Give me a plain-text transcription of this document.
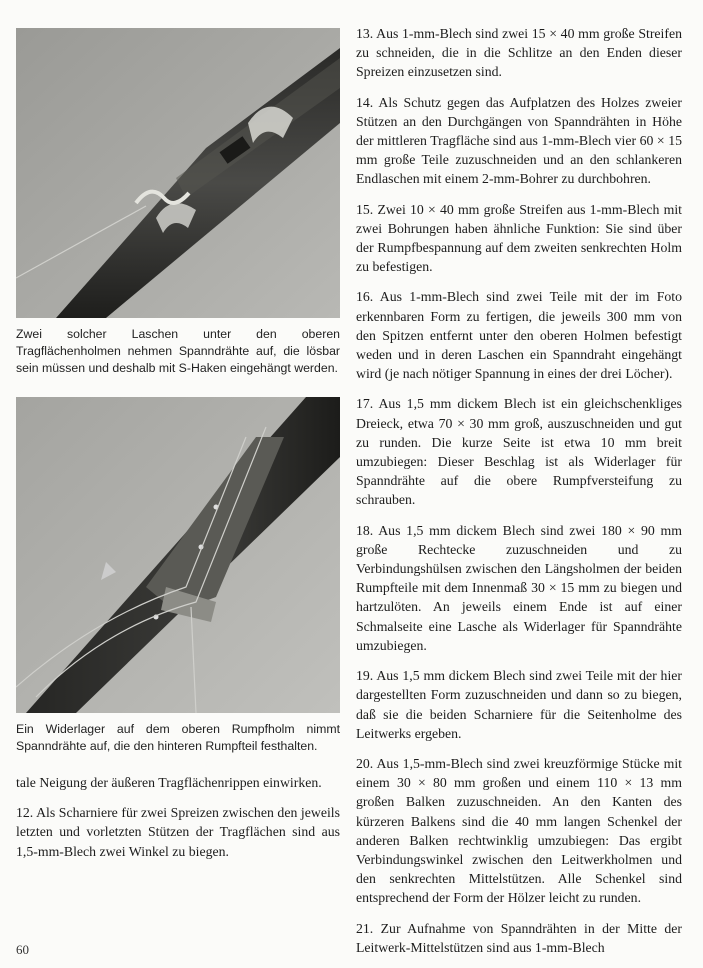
Zwei solcher Laschen unter den oberen Tragflächenholmen nehmen Spanndrähte auf, die lösbar sein müssen und deshalb mit S-Haken eingehängt werden.

Ein Widerlager auf dem oberen Rumpfholm nimmt Spanndrähte auf, die den hinteren Rumpfteil festhalten.

tale Neigung der äußeren Tragflächenrippen einwirken.

12. Als Scharniere für zwei Spreizen zwischen den jeweils letzten und vorletzten Stützen der Tragflächen sind aus 1,5-mm-Blech zwei Winkel zu biegen.

13. Aus 1-mm-Blech sind zwei 15 × 40 mm große Streifen zu schneiden, die in die Schlitze an den Enden dieser Spreizen einzusetzen sind.

14. Als Schutz gegen das Aufplatzen des Holzes zweier Stützen an den Durchgängen von Spanndrähten in Höhe der mittleren Tragfläche sind aus 1-mm-Blech vier 60 × 15 mm große Teile zuzuschneiden und an den schlankeren Endlaschen mit einem 2-mm-Bohrer zu durchbohren.

15. Zwei 10 × 40 mm große Streifen aus 1-mm-Blech mit zwei Bohrungen haben ähnliche Funktion: Sie sind über der Rumpfbespannung auf dem zweiten senkrechten Holm zu befestigen.

16. Aus 1-mm-Blech sind zwei Teile mit der im Foto erkennbaren Form zu fertigen, die jeweils 300 mm von den Spitzen entfernt unter den oberen Holmen befestigt weden und in deren Laschen ein Spanndraht eingehängt wird (je nach nötiger Spannung in eines der drei Löcher).

17. Aus 1,5 mm dickem Blech ist ein gleichschenkliges Dreieck, etwa 70 × 30 mm groß, auszuschneiden und gut zu runden. Die kurze Seite ist etwa 10 mm breit umzubiegen: Dieser Beschlag ist als Widerlager für Spanndrähte auf die obere Rumpfversteifung zu schrauben.

18. Aus 1,5 mm dickem Blech sind zwei 180 × 90 mm große Rechtecke zuzuschneiden und zu Verbindungshülsen zwischen den Längsholmen der beiden Rumpfteile mit dem Innenmaß 30 × 15 mm zu biegen und hartzulöten. An jeweils einem Ende ist auf einer Schmalseite eine Lasche als Widerlager für Spanndrähte umzubiegen.

19. Aus 1,5 mm dickem Blech sind zwei Teile mit der hier dargestellten Form zuzuschneiden und dann so zu biegen, daß sie die beiden Scharniere für die Seitenholme des Leitwerks ergeben.

20. Aus 1,5-mm-Blech sind zwei kreuzförmige Stücke mit einem 30 × 80 mm großen und einem 110 × 13 mm großen Balken zuzuschneiden. An den Kanten des kürzeren Balkens sind die 40 mm langen Schenkel der anderen Balken rechtwinklig umzubiegen: Das ergibt Verbindungswinkel zwischen den Leitwerkholmen und den senkrechten Mittelstützen. Alle Schenkel sind entsprechend der Form der Hölzer leicht zu runden.

21. Zur Aufnahme von Spanndrähten in der Mitte der Leitwerk-Mittelstützen sind aus 1-mm-Blech

60
